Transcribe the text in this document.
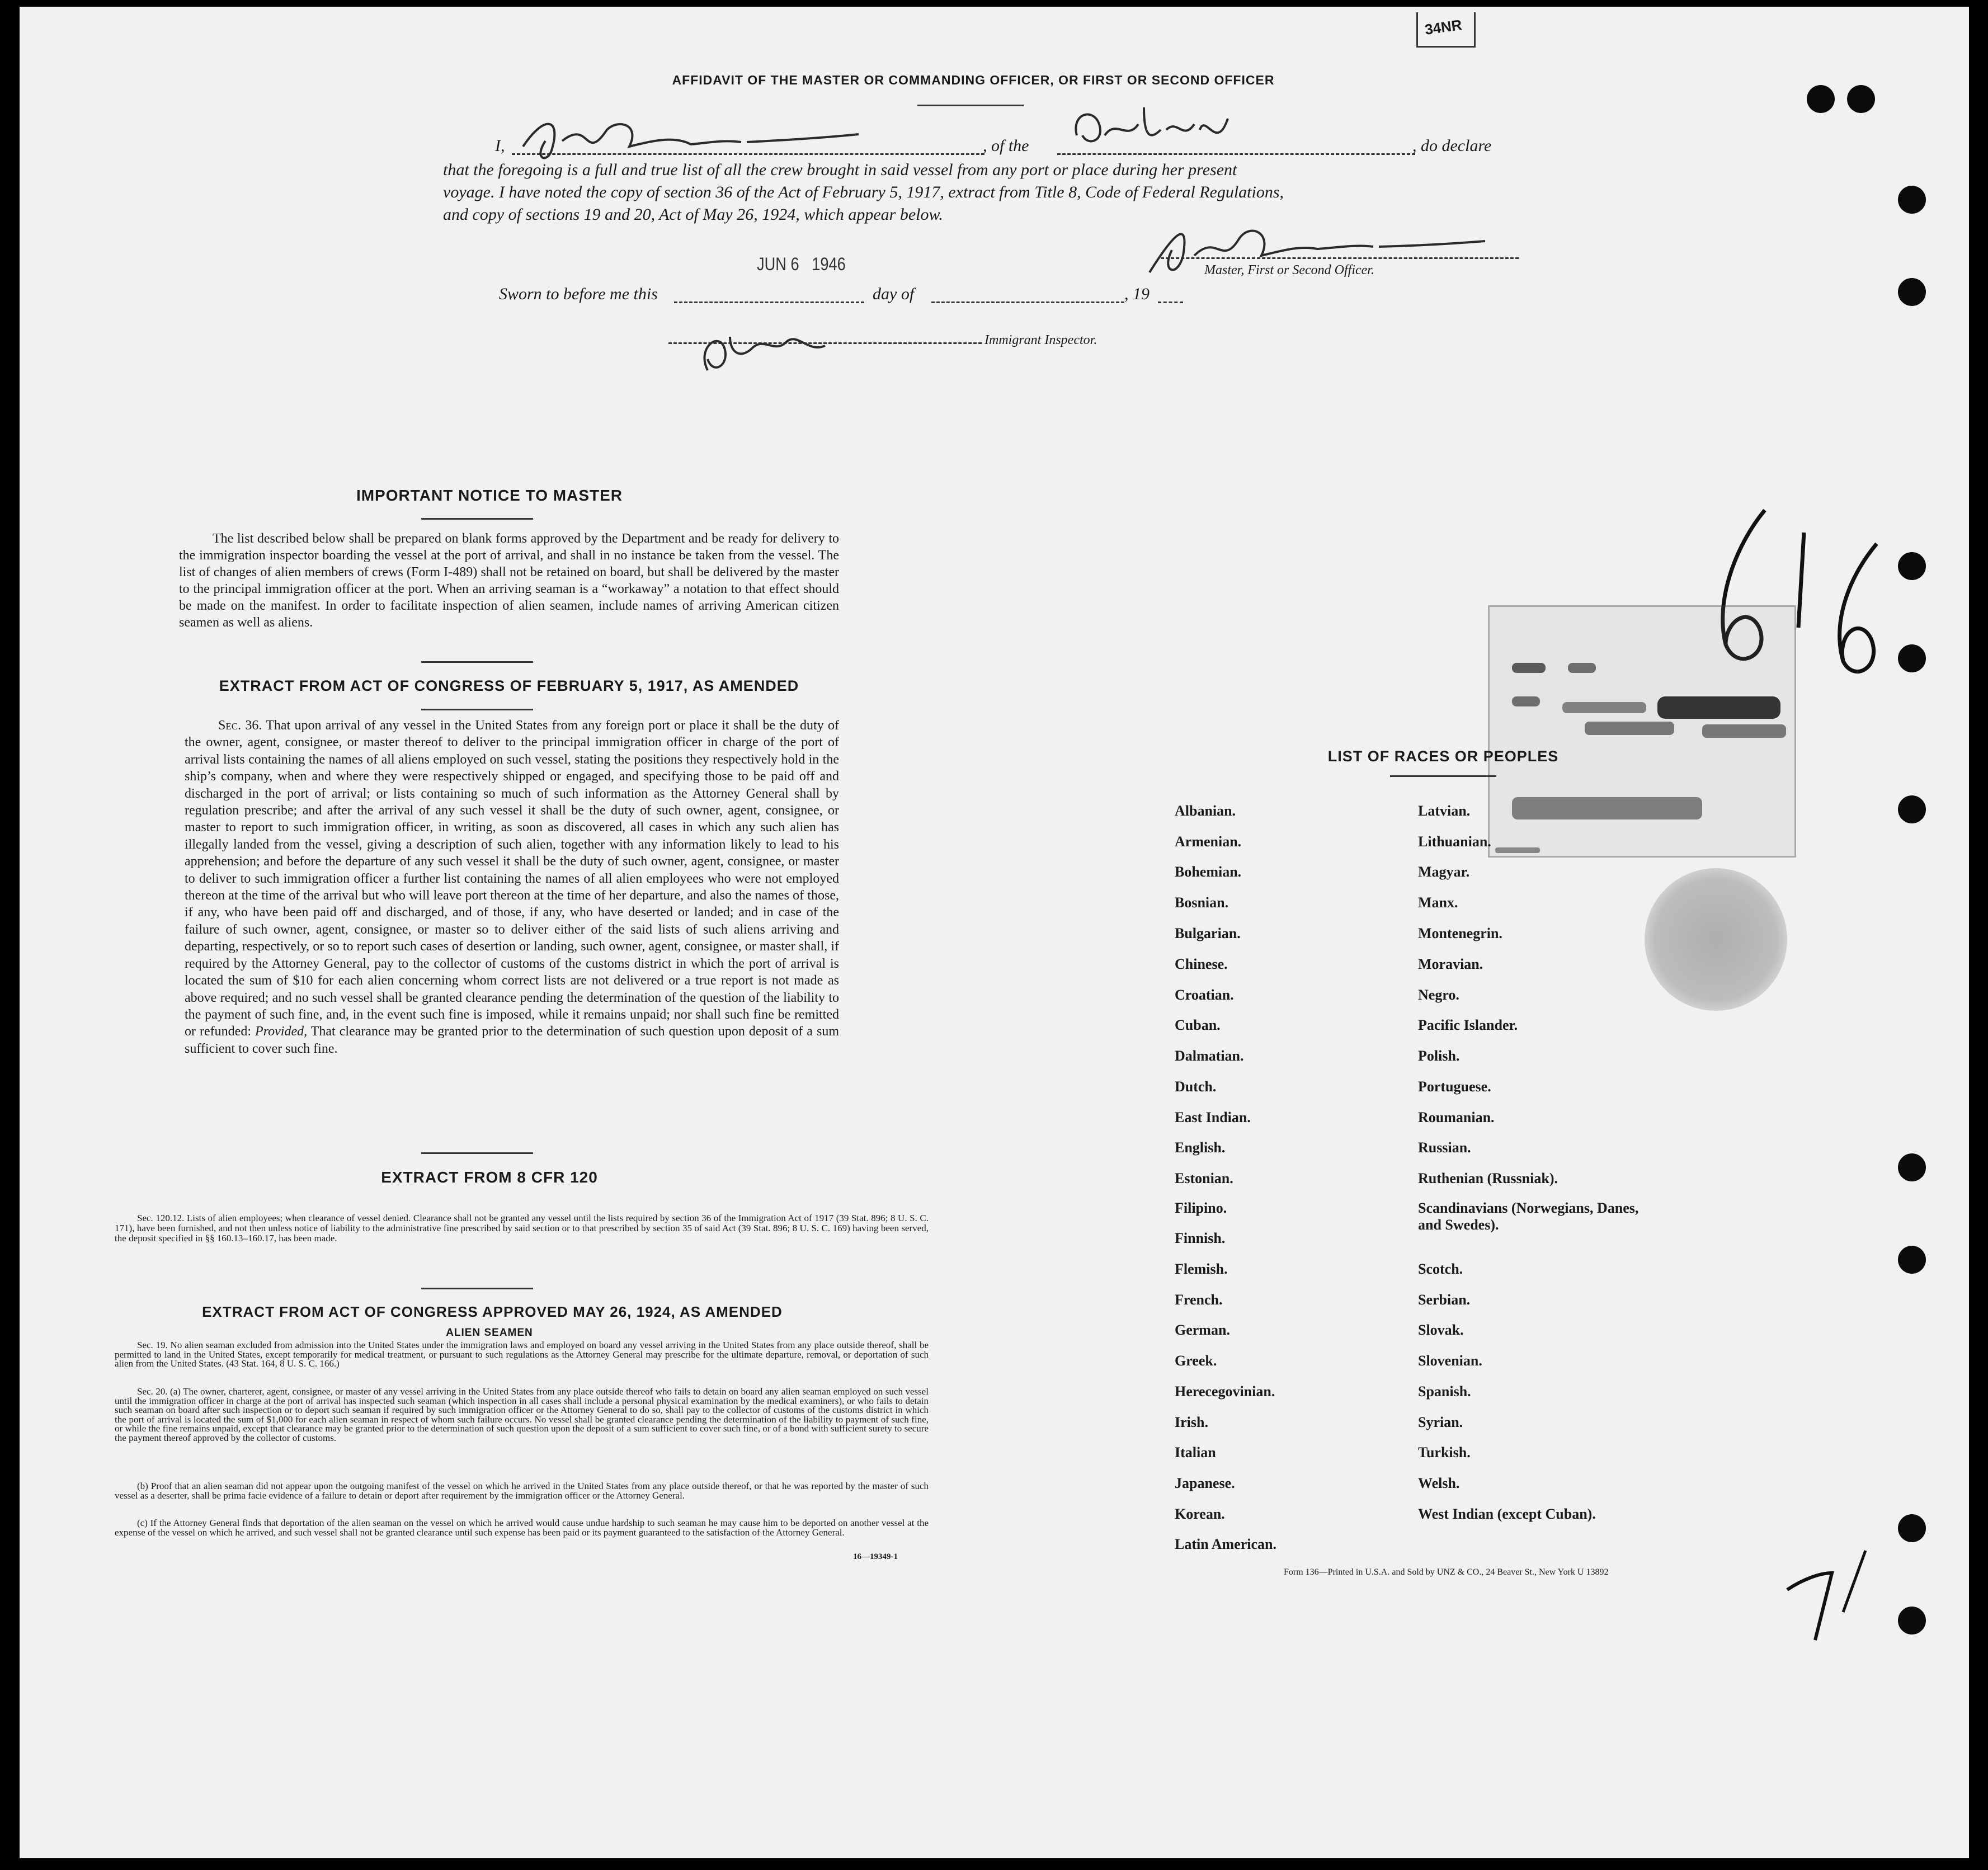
34NR
AFFIDAVIT OF THE MASTER OR COMMANDING OFFICER, OR FIRST OR SECOND OFFICER
I,	, of the	, do declare
that the foregoing is a full and true list of all the crew brought in said vessel from any port or place during her present
voyage. I have noted the copy of section 36 of the Act of February 5, 1917, extract from Title 8, Code of Federal Regulations,
and copy of sections 19 and 20, Act of May 26, 1924, which appear below.
JUN 6   1946	Master, First or Second Officer.
Sworn to before me this	day of	, 19
Immigrant Inspector.
IMPORTANT NOTICE TO MASTER
The list described below shall be prepared on blank forms approved by the Department and be ready for delivery to the immigration inspector boarding the vessel at the port of arrival, and shall in no instance be taken from the vessel. The list of changes of alien members of crews (Form I-489) shall not be retained on board, but shall be delivered by the master to the principal immigration officer at the port. When an arriving seaman is a “workaway” a notation to that effect should be made on the manifest. In order to facilitate inspection of alien seamen, include names of arriving American citizen seamen as well as aliens.
EXTRACT FROM ACT OF CONGRESS OF FEBRUARY 5, 1917, AS AMENDED
Sec. 36. That upon arrival of any vessel in the United States from any foreign port or place it shall be the duty of the owner, agent, consignee, or master thereof to deliver to the principal immigration officer in charge of the port of arrival lists containing the names of all aliens employed on such vessel, stating the positions they respectively hold in the ship’s company, when and where they were respectively shipped or engaged, and specifying those to be paid off and discharged in the port of arrival; or lists containing so much of such information as the Attorney General shall by regulation prescribe; and after the arrival of any such vessel it shall be the duty of such owner, agent, consignee, or master to report to such immigration officer, in writing, as soon as discovered, all cases in which any such alien has illegally landed from the vessel, giving a description of such alien, together with any information likely to lead to his apprehension; and before the departure of any such vessel it shall be the duty of such owner, agent, consignee, or master to deliver to such immigration officer a further list containing the names of all alien employees who were not employed thereon at the time of the arrival but who will leave port thereon at the time of her departure, and also the names of those, if any, who have been paid off and discharged, and of those, if any, who have deserted or landed; and in case of the failure of such owner, agent, consignee, or master so to deliver either of the said lists of such aliens arriving and departing, respectively, or so to report such cases of desertion or landing, such owner, agent, consignee, or master shall, if required by the Attorney General, pay to the collector of customs of the customs district in which the port of arrival is located the sum of $10 for each alien concerning whom correct lists are not delivered or a true report is not made as above required; and no such vessel shall be granted clearance pending the determination of the question of the liability to the payment of such fine, and, in the event such fine is imposed, while it remains unpaid; nor shall such fine be remitted or refunded: Provided, That clearance may be granted prior to the determination of such question upon deposit of a sum sufficient to cover such fine.
EXTRACT FROM 8 CFR 120
Sec. 120.12. Lists of alien employees; when clearance of vessel denied. Clearance shall not be granted any vessel until the lists required by section 36 of the Immigration Act of 1917 (39 Stat. 896; 8 U. S. C. 171), have been furnished, and not then unless notice of liability to the administrative fine prescribed by said section or to that prescribed by section 35 of said Act (39 Stat. 896; 8 U. S. C. 169) having been served, the deposit specified in §§ 160.13–160.17, has been made.
EXTRACT FROM ACT OF CONGRESS APPROVED MAY 26, 1924, AS AMENDED
ALIEN SEAMEN
Sec. 19. No alien seaman excluded from admission into the United States under the immigration laws and employed on board any vessel arriving in the United States from any place outside thereof, shall be permitted to land in the United States, except temporarily for medical treatment, or pursuant to such regulations as the Attorney General may prescribe for the ultimate departure, removal, or deportation of such alien from the United States. (43 Stat. 164, 8 U. S. C. 166.)
Sec. 20. (a) The owner, charterer, agent, consignee, or master of any vessel arriving in the United States from any place outside thereof who fails to detain on board any alien seaman employed on such vessel until the immigration officer in charge at the port of arrival has inspected such seaman (which inspection in all cases shall include a personal physical examination by the medical examiners), or who fails to detain such seaman on board after such inspection or to deport such seaman if required by such immigration officer or the Attorney General to do so, shall pay to the collector of customs of the customs district in which the port of arrival is located the sum of $1,000 for each alien seaman in respect of whom such failure occurs. No vessel shall be granted clearance pending the determination of the liability to payment of such fine, or while the fine remains unpaid, except that clearance may be granted prior to the determination of such question upon the deposit of a sum sufficient to cover such fine, or of a bond with sufficient surety to secure the payment thereof approved by the collector of customs.
(b) Proof that an alien seaman did not appear upon the outgoing manifest of the vessel on which he arrived in the United States from any place outside thereof, or that he was reported by the master of such vessel as a deserter, shall be prima facie evidence of a failure to detain or deport after requirement by the immigration officer or the Attorney General.
(c) If the Attorney General finds that deportation of the alien seaman on the vessel on which he arrived would cause undue hardship to such seaman he may cause him to be deported on another vessel at the expense of the vessel on which he arrived, and such vessel shall not be granted clearance until such expense has been paid or its payment guaranteed to the satisfaction of the Attorney General.
16—19349-1
LIST OF RACES OR PEOPLES
Albanian.
Armenian.
Bohemian.
Bosnian.
Bulgarian.
Chinese.
Croatian.
Cuban.
Dalmatian.
Dutch.
East Indian.
English.
Estonian.
Filipino.
Finnish.
Flemish.
French.
German.
Greek.
Herecegovinian.
Irish.
Italian
Japanese.
Korean.
Latin American.
Latvian.
Lithuanian.
Magyar.
Manx.
Montenegrin.
Moravian.
Negro.
Pacific Islander.
Polish.
Portuguese.
Roumanian.
Russian.
Ruthenian (Russniak).
Scandinavians (Norwegians, Danes, and Swedes).
Scotch.
Serbian.
Slovak.
Slovenian.
Spanish.
Syrian.
Turkish.
Welsh.
West Indian (except Cuban).
Form 136—Printed in U.S.A. and Sold by UNZ & CO., 24 Beaver St., New York U 13892
